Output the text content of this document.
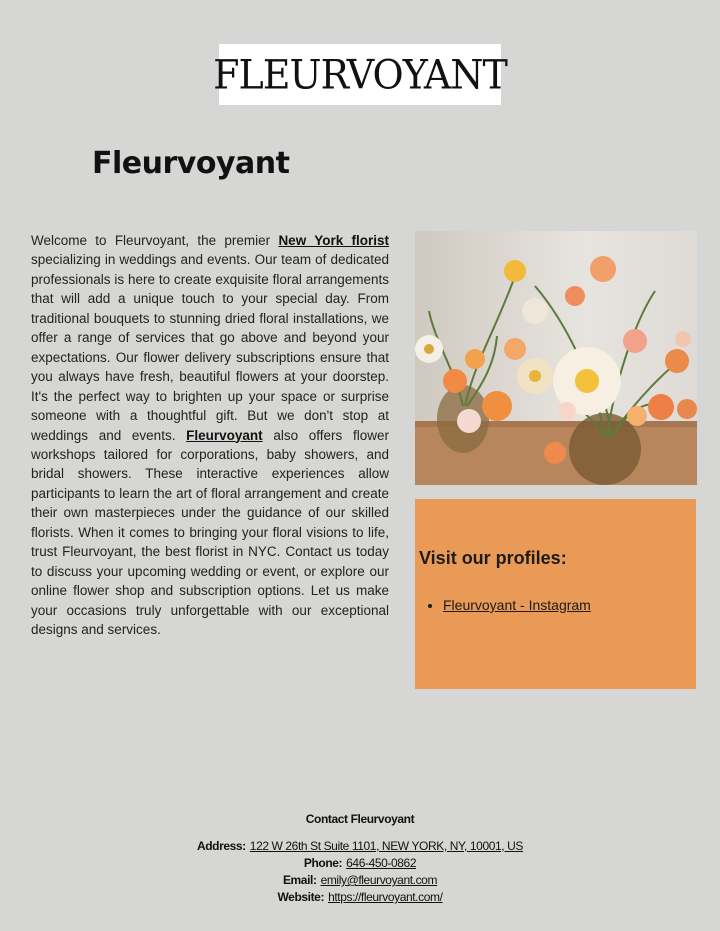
FLEURVOYANT
Fleurvoyant

Welcome to Fleurvoyant, the premier New York florist specializing in weddings and events. Our team of dedicated professionals is here to create exquisite floral arrangements that will add a unique touch to your special day. From traditional bouquets to stunning dried floral installations, we offer a range of services that go above and beyond your expectations. Our flower delivery subscriptions ensure that you always have fresh, beautiful flowers at your doorstep. It's the perfect way to brighten up your space or surprise someone with a thoughtful gift. But we don't stop at weddings and events. Fleurvoyant also offers flower workshops tailored for corporations, baby showers, and bridal showers. These interactive experiences allow participants to learn the art of floral arrangement and create their own masterpieces under the guidance of our skilled florists. When it comes to bringing your floral visions to life, trust Fleurvoyant, the best florist in NYC. Contact us today to discuss your upcoming wedding or event, or explore our online flower shop and subscription options. Let us make your occasions truly unforgettable with our exceptional designs and services.

Visit our profiles:
• Fleurvoyant - Instagram
Contact Fleurvoyant
Address: 122 W 26th St Suite 1101, NEW YORK, NY, 10001, US
Phone: 646-450-0862
Email: emily@fleurvoyant.com
Website: https://fleurvoyant.com/
